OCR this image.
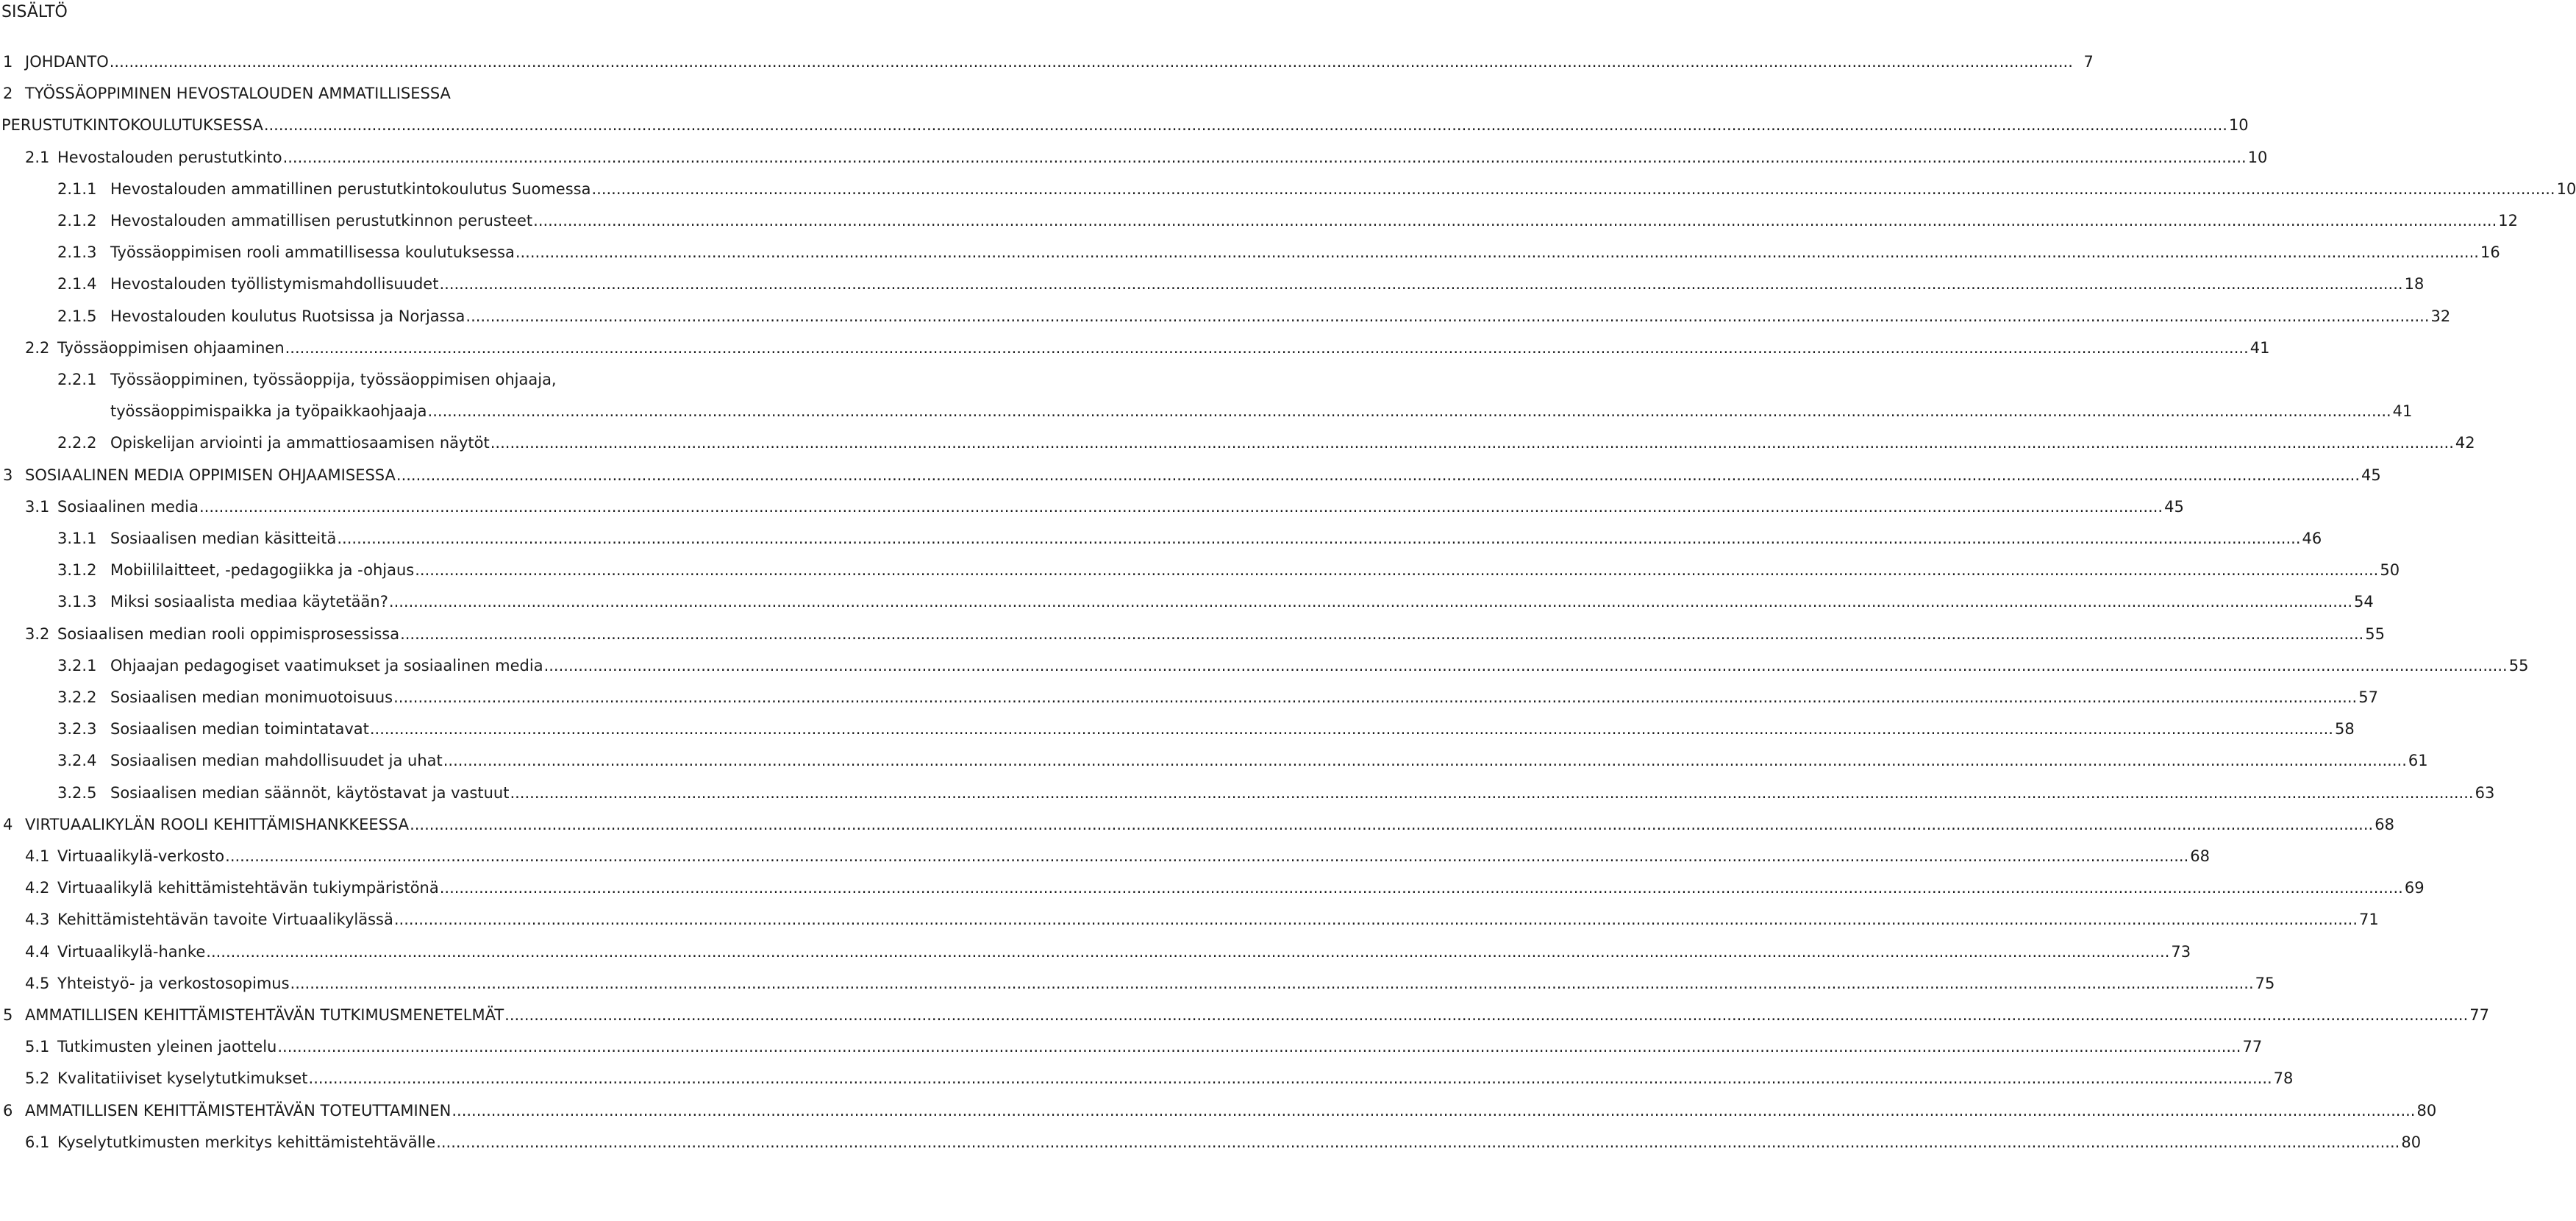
SISÄLTÖ
1 JOHDANTO ................................................................................................................................................................................................................................................................................................................................................................................................................ 7
2 TYÖSSÄOPPIMINEN HEVOSTALOUDEN AMMATILLISESSA
PERUSTUTKINTOKOULUTUKSESSA ................................................................................................................................................................................................................................................................................................................................................................................................................ 10
2.1 Hevostalouden perustutkinto ................................................................................................................................................................................................................................................................................................................................................................................................................ 10
2.1.1 Hevostalouden ammatillinen perustutkintokoulutus Suomessa ................................................................................................................................................................................................................................................................................................................................................................................................................ 10
2.1.2 Hevostalouden ammatillisen perustutkinnon perusteet ................................................................................................................................................................................................................................................................................................................................................................................................................ 12
2.1.3 Työssäoppimisen rooli ammatillisessa koulutuksessa ................................................................................................................................................................................................................................................................................................................................................................................................................ 16
2.1.4 Hevostalouden työllistymismahdollisuudet ................................................................................................................................................................................................................................................................................................................................................................................................................ 18
2.1.5 Hevostalouden koulutus Ruotsissa ja Norjassa ................................................................................................................................................................................................................................................................................................................................................................................................................ 32
2.2 Työssäoppimisen ohjaaminen ................................................................................................................................................................................................................................................................................................................................................................................................................ 41
2.2.1 Työssäoppiminen, työssäoppija, työssäoppimisen ohjaaja,
työssäoppimispaikka ja työpaikkaohjaaja ................................................................................................................................................................................................................................................................................................................................................................................................................ 41
2.2.2 Opiskelijan arviointi ja ammattiosaamisen näytöt ................................................................................................................................................................................................................................................................................................................................................................................................................ 42
3 SOSIAALINEN MEDIA OPPIMISEN OHJAAMISESSA ................................................................................................................................................................................................................................................................................................................................................................................................................ 45
3.1 Sosiaalinen media ................................................................................................................................................................................................................................................................................................................................................................................................................ 45
3.1.1 Sosiaalisen median käsitteitä ................................................................................................................................................................................................................................................................................................................................................................................................................ 46
3.1.2 Mobiililaitteet, -pedagogiikka ja -ohjaus ................................................................................................................................................................................................................................................................................................................................................................................................................ 50
3.1.3 Miksi sosiaalista mediaa käytetään? ................................................................................................................................................................................................................................................................................................................................................................................................................ 54
3.2 Sosiaalisen median rooli oppimisprosessissa ................................................................................................................................................................................................................................................................................................................................................................................................................ 55
3.2.1 Ohjaajan pedagogiset vaatimukset ja sosiaalinen media ................................................................................................................................................................................................................................................................................................................................................................................................................ 55
3.2.2 Sosiaalisen median monimuotoisuus ................................................................................................................................................................................................................................................................................................................................................................................................................ 57
3.2.3 Sosiaalisen median toimintatavat ................................................................................................................................................................................................................................................................................................................................................................................................................ 58
3.2.4 Sosiaalisen median mahdollisuudet ja uhat ................................................................................................................................................................................................................................................................................................................................................................................................................ 61
3.2.5 Sosiaalisen median säännöt, käytöstavat ja vastuut ................................................................................................................................................................................................................................................................................................................................................................................................................ 63
4 VIRTUAALIKYLÄN ROOLI KEHITTÄMISHANKKEESSA ................................................................................................................................................................................................................................................................................................................................................................................................................ 68
4.1 Virtuaalikylä-verkosto ................................................................................................................................................................................................................................................................................................................................................................................................................ 68
4.2 Virtuaalikylä kehittämistehtävän tukiympäristönä ................................................................................................................................................................................................................................................................................................................................................................................................................ 69
4.3 Kehittämistehtävän tavoite Virtuaalikylässä ................................................................................................................................................................................................................................................................................................................................................................................................................ 71
4.4 Virtuaalikylä-hanke ................................................................................................................................................................................................................................................................................................................................................................................................................ 73
4.5 Yhteistyö- ja verkostosopimus ................................................................................................................................................................................................................................................................................................................................................................................................................ 75
5 AMMATILLISEN KEHITTÄMISTEHTÄVÄN TUTKIMUSMENETELMÄT ................................................................................................................................................................................................................................................................................................................................................................................................................ 77
5.1 Tutkimusten yleinen jaottelu ................................................................................................................................................................................................................................................................................................................................................................................................................ 77
5.2 Kvalitatiiviset kyselytutkimukset ................................................................................................................................................................................................................................................................................................................................................................................................................ 78
6 AMMATILLISEN KEHITTÄMISTEHTÄVÄN TOTEUTTAMINEN ................................................................................................................................................................................................................................................................................................................................................................................................................ 80
6.1 Kyselytutkimusten merkitys kehittämistehtävälle ................................................................................................................................................................................................................................................................................................................................................................................................................ 80
